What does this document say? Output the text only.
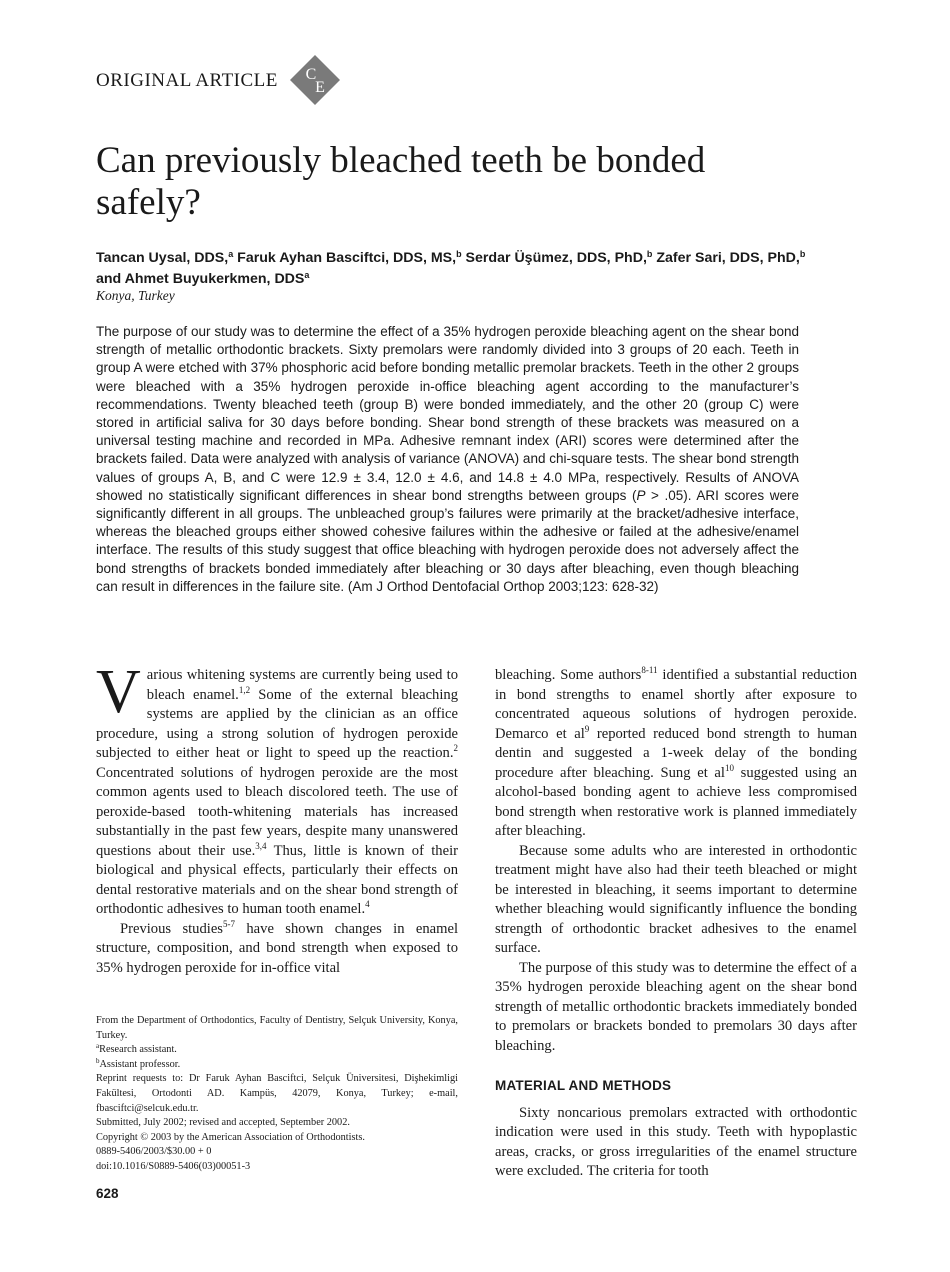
ORIGINAL ARTICLE C
E
Can previously bleached teeth be bonded safely?
Tancan Uysal, DDS,$^a$ Faruk Ayhan Basciftci, DDS, MS,$^b$ Serdar Üşümez, DDS, PhD,$^b$ Zafer Sari, DDS, PhD,$^b$
and Ahmet Buyukerkmen, DDS$^a$
Konya, Turkey

The purpose of our study was to determine the effect of a 35% hydrogen peroxide bleaching agent on the shear bond strength of metallic orthodontic brackets. Sixty premolars were randomly divided into 3 groups of 20 each. Teeth in group A were etched with 37% phosphoric acid before bonding metallic premolar brackets. Teeth in the other 2 groups were bleached with a 35% hydrogen peroxide in-office bleaching agent according to the manufacturer’s recommendations. Twenty bleached teeth (group B) were bonded immediately, and the other 20 (group C) were stored in artificial saliva for 30 days before bonding. Shear bond strength of these brackets was measured on a universal testing machine and recorded in MPa. Adhesive remnant index (ARI) scores were determined after the brackets failed. Data were analyzed with analysis of variance (ANOVA) and chi-square tests. The shear bond strength values of groups A, B, and C were 12.9 ± 3.4, 12.0 ± 4.6, and 14.8 ± 4.0 MPa, respectively. Results of ANOVA showed no statistically significant differences in shear bond strengths between groups (P > .05). ARI scores were significantly different in all groups. The unbleached group’s failures were primarily at the bracket/adhesive interface, whereas the bleached groups either showed cohesive failures within the adhesive or failed at the adhesive/enamel interface. The results of this study suggest that office bleaching with hydrogen peroxide does not adversely affect the bond strengths of brackets bonded immediately after bleaching or 30 days after bleaching, even though bleaching can result in differences in the failure site. (Am J Orthod Dentofacial Orthop 2003;123: 628-32)

Various whitening systems are currently being used to bleach enamel.$^{1,2}$ Some of the external bleaching systems are applied by the clinician as an office procedure, using a strong solution of hydrogen peroxide subjected to either heat or light to speed up the reaction.$^2$ Concentrated solutions of hydrogen peroxide are the most common agents used to bleach discolored teeth. The use of peroxide-based tooth-whitening materials has increased substantially in the past few years, despite many unanswered questions about their use.$^{3,4}$ Thus, little is known of their biological and physical effects, particularly their effects on dental restorative materials and on the shear bond strength of orthodontic adhesives to human tooth enamel.$^4$

Previous studies$^{5-7}$ have shown changes in enamel structure, composition, and bond strength when exposed to 35% hydrogen peroxide for in-office vital

From the Department of Orthodontics, Faculty of Dentistry, Selçuk University, Konya, Turkey.
$^a$Research assistant.
$^b$Assistant professor.
Reprint requests to: Dr Faruk Ayhan Basciftci, Selçuk Üniversitesi, Dişhekimligi Fakültesi, Ortodonti AD. Kampüs, 42079, Konya, Turkey; e-mail, fbasciftci@selcuk.edu.tr.
Submitted, July 2002; revised and accepted, September 2002.
Copyright © 2003 by the American Association of Orthodontists.
0889-5406/2003/$30.00 + 0
doi:10.1016/S0889-5406(03)00051-3

bleaching. Some authors$^{8-11}$ identified a substantial reduction in bond strengths to enamel shortly after exposure to concentrated aqueous solutions of hydrogen peroxide. Demarco et $al^9$ reported reduced bond strength to human dentin and suggested a 1-week delay of the bonding procedure after bleaching. Sung et $al^{10}$ suggested using an alcohol-based bonding agent to achieve less compromised bond strength when restorative work is planned immediately after bleaching.

Because some adults who are interested in orthodontic treatment might have also had their teeth bleached or might be interested in bleaching, it seems important to determine whether bleaching would significantly influence the bonding strength of orthodontic bracket adhesives to the enamel surface.

The purpose of this study was to determine the effect of a 35% hydrogen peroxide bleaching agent on the shear bond strength of metallic orthodontic brackets immediately bonded to premolars or brackets bonded to premolars 30 days after bleaching.

MATERIAL AND METHODS

Sixty noncarious premolars extracted with orthodontic indication were used in this study. Teeth with hypoplastic areas, cracks, or gross irregularities of the enamel structure were excluded. The criteria for tooth

628
